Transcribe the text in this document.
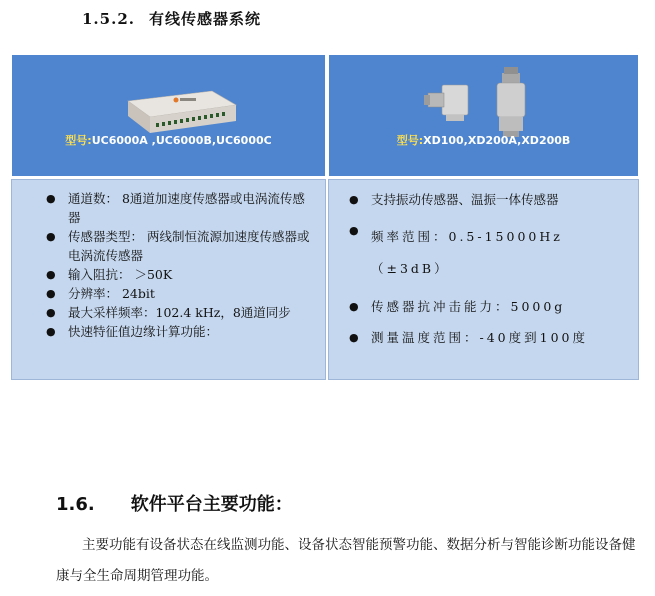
1.5.2. 有线传感器系统
型号:UC6000A ,UC6000B,UC6000C	型号:XD100,XD200A,XD200B
● 通道数： 8通道加速度传感器或电涡流传感器
● 传感器类型： 两线制恒流源加速度传感器或电涡流传感器
● 输入阻抗： ＞50K
● 分辨率： 24bit
● 最大采样频率：102.4 kHz，8通道同步
● 快速特征值边缘计算功能：
● 支持振动传感器、温振一体传感器
● 频率范围：0.5-15000Hz（±3dB）
● 传感器抗冲击能力：5000g
● 测量温度范围：-40度到100度
1.6. 软件平台主要功能：
主要功能有设备状态在线监测功能、设备状态智能预警功能、数据分析与智能诊断功能设备健康与全生命周期管理功能。
